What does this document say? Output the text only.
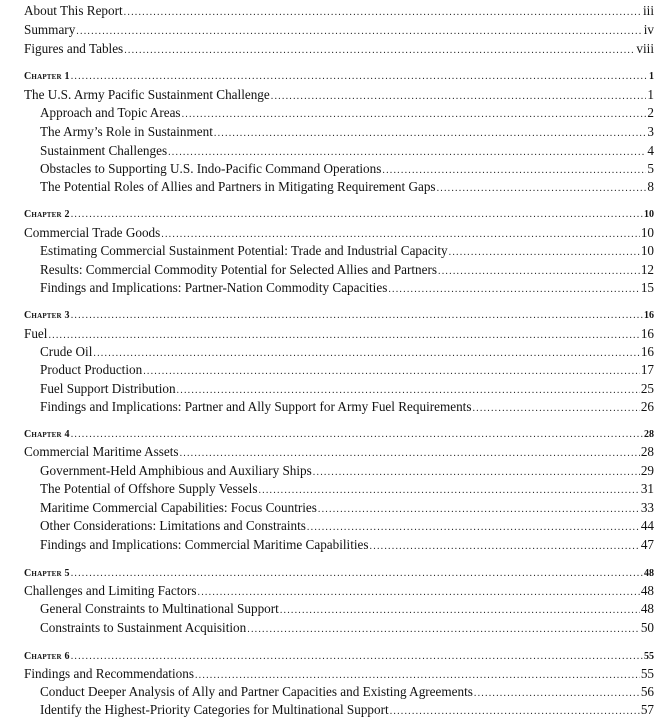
About This Report .....	iii
Summary .....	iv
Figures and Tables .....	viii
Chapter 1 .....	1
The U.S. Army Pacific Sustainment Challenge .....	1
Approach and Topic Areas .....	2
The Army’s Role in Sustainment .....	3
Sustainment Challenges .....	4
Obstacles to Supporting U.S. Indo-Pacific Command Operations .....	5
The Potential Roles of Allies and Partners in Mitigating Requirement Gaps .....	8
Chapter 2 .....	10
Commercial Trade Goods .....	10
Estimating Commercial Sustainment Potential: Trade and Industrial Capacity .....	10
Results: Commercial Commodity Potential for Selected Allies and Partners .....	12
Findings and Implications: Partner-Nation Commodity Capacities .....	15
Chapter 3 .....	16
Fuel .....	16
Crude Oil .....	16
Product Production .....	17
Fuel Support Distribution .....	25
Findings and Implications: Partner and Ally Support for Army Fuel Requirements .....	26
Chapter 4 .....	28
Commercial Maritime Assets .....	28
Government-Held Amphibious and Auxiliary Ships .....	29
The Potential of Offshore Supply Vessels .....	31
Maritime Commercial Capabilities: Focus Countries .....	33
Other Considerations: Limitations and Constraints .....	44
Findings and Implications: Commercial Maritime Capabilities .....	47
Chapter 5 .....	48
Challenges and Limiting Factors .....	48
General Constraints to Multinational Support .....	48
Constraints to Sustainment Acquisition .....	50
Chapter 6 .....	55
Findings and Recommendations .....	55
Conduct Deeper Analysis of Ally and Partner Capacities and Existing Agreements .....	56
Identify the Highest-Priority Categories for Multinational Support .....	57
